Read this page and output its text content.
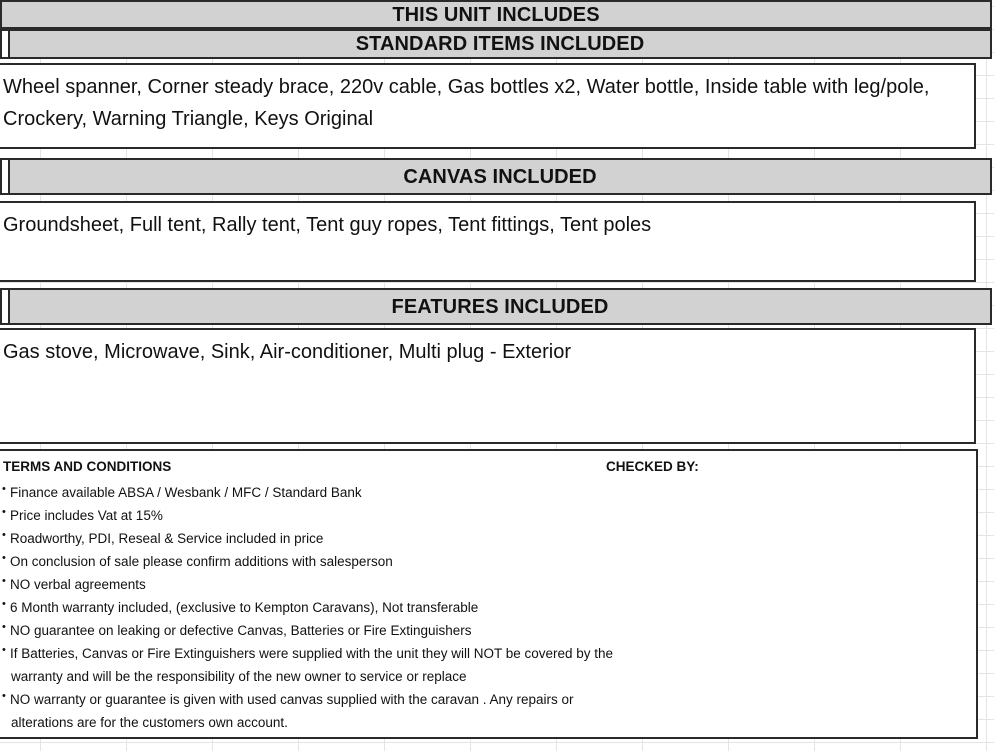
THIS UNIT INCLUDES
STANDARD ITEMS INCLUDED
Wheel spanner, Corner steady brace, 220v cable, Gas bottles x2, Water bottle, Inside table with leg/pole, Crockery, Warning Triangle, Keys Original
CANVAS INCLUDED
Groundsheet, Full tent, Rally tent, Tent guy ropes, Tent fittings, Tent poles
FEATURES INCLUDED
Gas stove, Microwave, Sink, Air-conditioner, Multi plug - Exterior
TERMS AND CONDITIONS	CHECKED BY:
• Finance available ABSA / Wesbank / MFC / Standard Bank
• Price includes Vat at 15%
• Roadworthy, PDI, Reseal & Service included in price
• On conclusion of sale please confirm additions with salesperson
• NO verbal agreements
• 6 Month warranty included, (exclusive to Kempton Caravans), Not transferable
• NO guarantee on leaking or defective Canvas, Batteries or Fire Extinguishers
• If Batteries, Canvas or Fire Extinguishers were supplied with the unit they will NOT be covered by the
warranty and will be the responsibility of the new owner to service or replace
• NO warranty or guarantee is given with used canvas supplied with the caravan . Any repairs or
alterations are for the customers own account.
